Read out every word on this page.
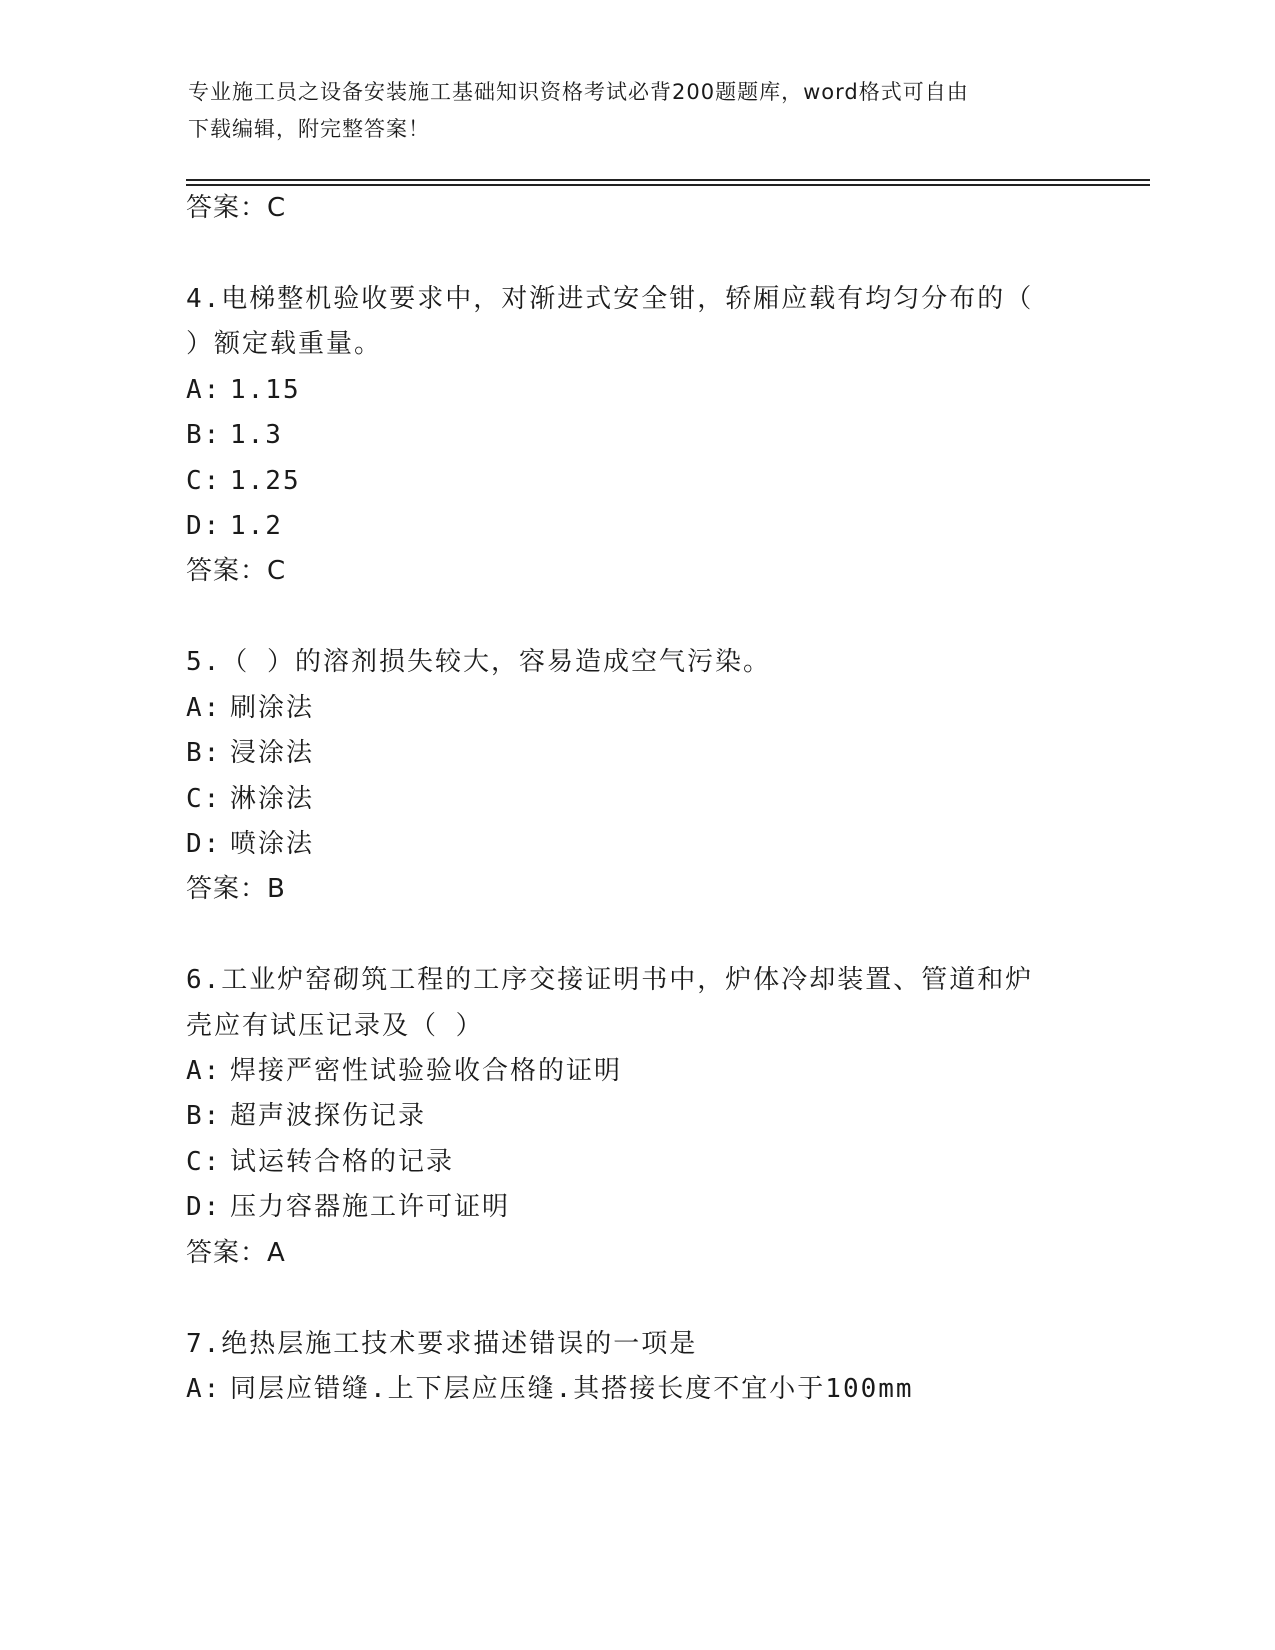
专业施工员之设备安装施工基础知识资格考试必背200题题库，word格式可自由
下载编辑，附完整答案！
答案：C
4.电梯整机验收要求中，对渐进式安全钳，轿厢应载有均匀分布的（
）额定载重量。
A: 1.15
B: 1.3
C: 1.25
D: 1.2
答案：C
5.（ ）的溶剂损失较大，容易造成空气污染。
A: 刷涂法
B: 浸涂法
C: 淋涂法
D: 喷涂法
答案：B
6.工业炉窑砌筑工程的工序交接证明书中，炉体冷却装置、管道和炉
壳应有试压记录及（ ）
A: 焊接严密性试验验收合格的证明
B: 超声波探伤记录
C: 试运转合格的记录
D: 压力容器施工许可证明
答案：A
7.绝热层施工技术要求描述错误的一项是
A: 同层应错缝.上下层应压缝.其搭接长度不宜小于100mm
